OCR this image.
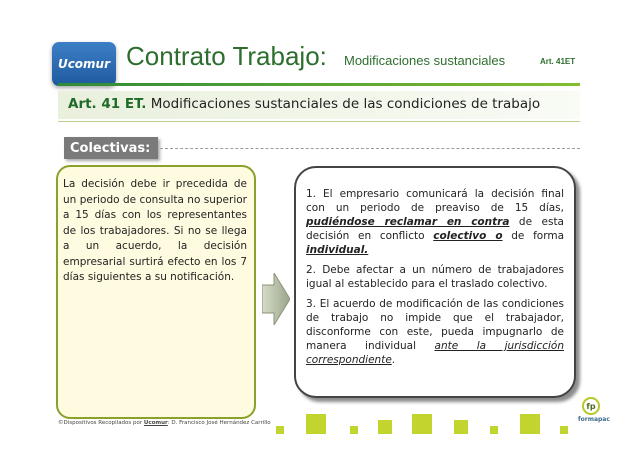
Ucomur Contrato Trabajo: Modificaciones sustanciales	Art. 41ET
Art. 41 ET. Modificaciones sustanciales de las condiciones de trabajo
Colectivas:
La decisión debe ir precedida de un periodo de consulta no superior a 15 días con los representantes de los trabajadores. Si no se llega a un acuerdo, la decisión empresarial surtirá efecto en los 7 días siguientes a su notificación.

1. El empresario comunicará la decisión final con un periodo de preaviso de 15 días, pudiéndose reclamar en contra de esta decisión en conflicto colectivo o de forma individual.

2. Debe afectar a un número de trabajadores igual al establecido para el traslado colectivo.

3. El acuerdo de modificación de las condiciones de trabajo no impide que el trabajador, disconforme con este, pueda impugnarlo de manera individual ante la jurisdicción correspondiente.

©Dispositivos Recopilados por Ucomur: D. Francisco José Hernández Carrillo
fp
formapac
